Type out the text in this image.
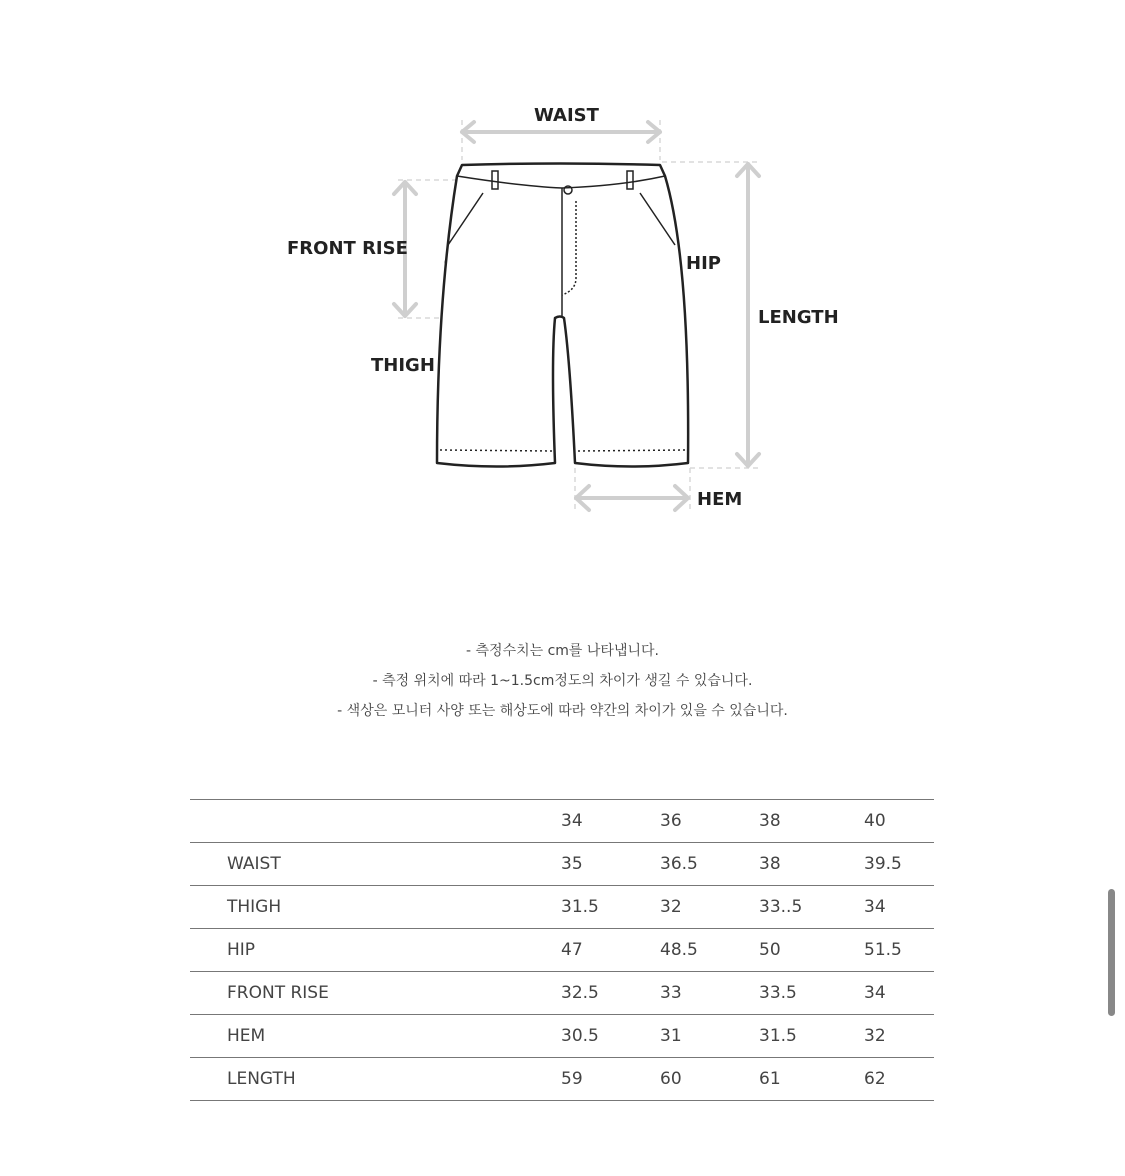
WAIST
FRONT RISE
HIP
LENGTH
THIGH
HEM
- 측정수치는 cm를 나타냅니다.
- 측정 위치에 따라 1~1.5cm정도의 차이가 생길 수 있습니다.
- 색상은 모니터 사양 또는 해상도에 따라 약간의 차이가 있을 수 있습니다.
	34	36	38	40
WAIST	35	36.5	38	39.5
THIGH	31.5	32	33..5	34
HIP	47	48.5	50	51.5
FRONT RISE	32.5	33	33.5	34
HEM	30.5	31	31.5	32
LENGTH	59	60	61	62
